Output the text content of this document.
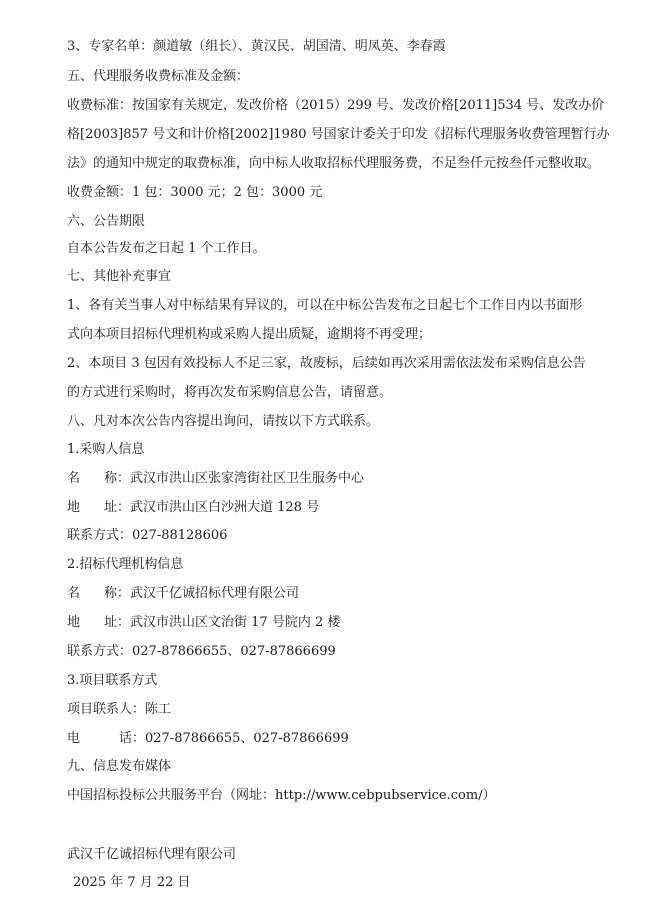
3、专家名单：颜道敏（组长）、黄汉民、胡国清、明凤英、李春霞
五、代理服务收费标准及金额：
收费标准：按国家有关规定，发改价格（2015）299 号、发改价格[2011]534 号、发改办价
格[2003]857 号文和计价格[2002]1980 号国家计委关于印发《招标代理服务收费管理暂行办
法》的通知中规定的取费标准，向中标人收取招标代理服务费，不足叁仟元按叁仟元整收取。
收费金额：1 包：3000 元；2 包：3000 元
六、公告期限
自本公告发布之日起 1 个工作日。
七、其他补充事宜
1、各有关当事人对中标结果有异议的，可以在中标公告发布之日起七个工作日内以书面形
式向本项目招标代理机构或采购人提出质疑，逾期将不再受理；
2、本项目 3 包因有效投标人不足三家，故废标，后续如再次采用需依法发布采购信息公告
的方式进行采购时，将再次发布采购信息公告，请留意。
八、凡对本次公告内容提出询问，请按以下方式联系。
1.采购人信息
名 称：武汉市洪山区张家湾街社区卫生服务中心
地 址：武汉市洪山区白沙洲大道 128 号
联系方式：027-88128606
2.招标代理机构信息
名 称：武汉千亿诚招标代理有限公司
地 址：武汉市洪山区文治街 17 号院内 2 楼
联系方式：027-87866655、027-87866699
3.项目联系方式
项目联系人：陈工
电	话：027-87866655、027-87866699
九、信息发布媒体
中国招标投标公共服务平台（网址：http://www.cebpubservice.com/）
武汉千亿诚招标代理有限公司
2025 年 7 月 22 日
